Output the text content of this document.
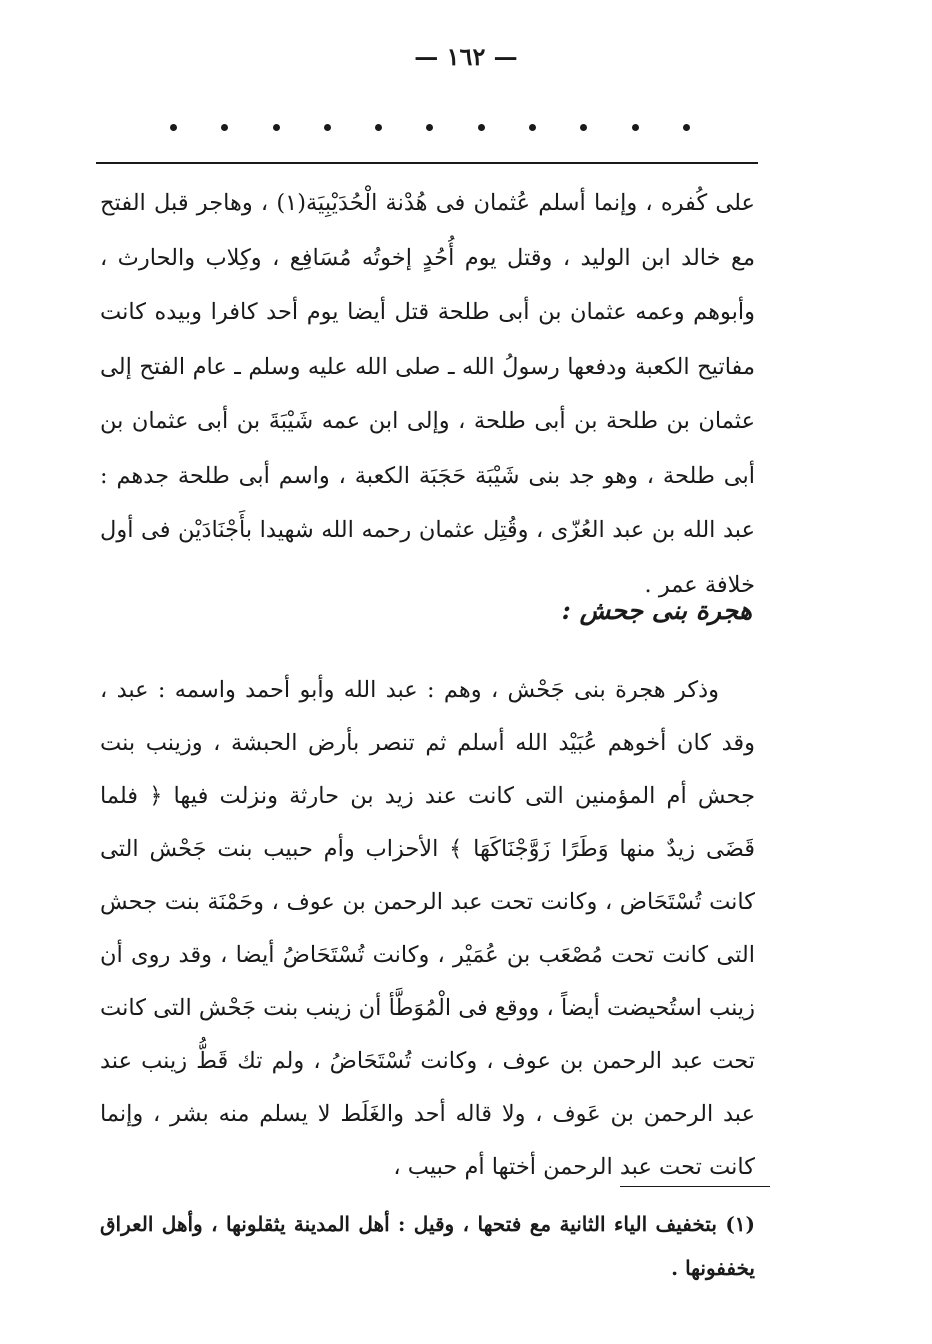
— ١٦٢ —

على كُفره ، وإنما أسلم عُثمان فى هُدْنة الْحُدَيْبِيَة(١) ، وهاجر قبل الفتح مع خالد ابن الوليد ، وقتل يوم أُحُدٍ إخوتُه مُسَافِع ، وكِلاب والحارث ، وأبوهم وعمه عثمان بن أبى طلحة قتل أيضا يوم أحد كافرا وبيده كانت مفاتيح الكعبة ودفعها رسولُ الله ـ صلى الله عليه وسلم ـ عام الفتح إلى عثمان بن طلحة بن أبى طلحة ، وإلى ابن عمه شَيْبَةَ بن أبى عثمان بن أبى طلحة ، وهو جد بنى شَيْبَة حَجَبَة الكعبة ، واسم أبى طلحة جدهم : عبد الله بن عبد العُزّى ، وقُتِل عثمان رحمه الله شهيدا بأَجْنَادَيْن فى أول خلافة عمر .

هجرة بنى جحش :

وذكر هجرة بنى جَحْش ، وهم : عبد الله وأبو أحمد واسمه : عبد ، وقد كان أخوهم عُبَيْد الله أسلم ثم تنصر بأرض الحبشة ، وزينب بنت جحش أم المؤمنين التى كانت عند زيد بن حارثة ونزلت فيها ﴿ فلما قَضَى زيدٌ منها وَطَرًا زَوَّجْنَاكَهَا ﴾ الأحزاب وأم حبيب بنت جَحْش التى كانت تُسْتَحَاض ، وكانت تحت عبد الرحمن بن عوف ، وحَمْنَة بنت جحش التى كانت تحت مُصْعَب بن عُمَيْر ، وكانت تُسْتَحَاضُ أيضا ، وقد روى أن زينب استُحيضت أيضاً ، ووقع فى الْمُوَطَّأ أن زينب بنت جَحْش التى كانت تحت عبد الرحمن بن عوف ، وكانت تُسْتَحَاضُ ، ولم تك قَطُّ زينب عند عبد الرحمن بن عَوف ، ولا قاله أحد والغَلَط لا يسلم منه بشر ، وإنما كانت تحت عبد الرحمن أختها أم حبيب ،

(١) بتخفيف الياء الثانية مع فتحها ، وقيل : أهل المدينة يثقلونها ، وأهل العراق يخففونها .
